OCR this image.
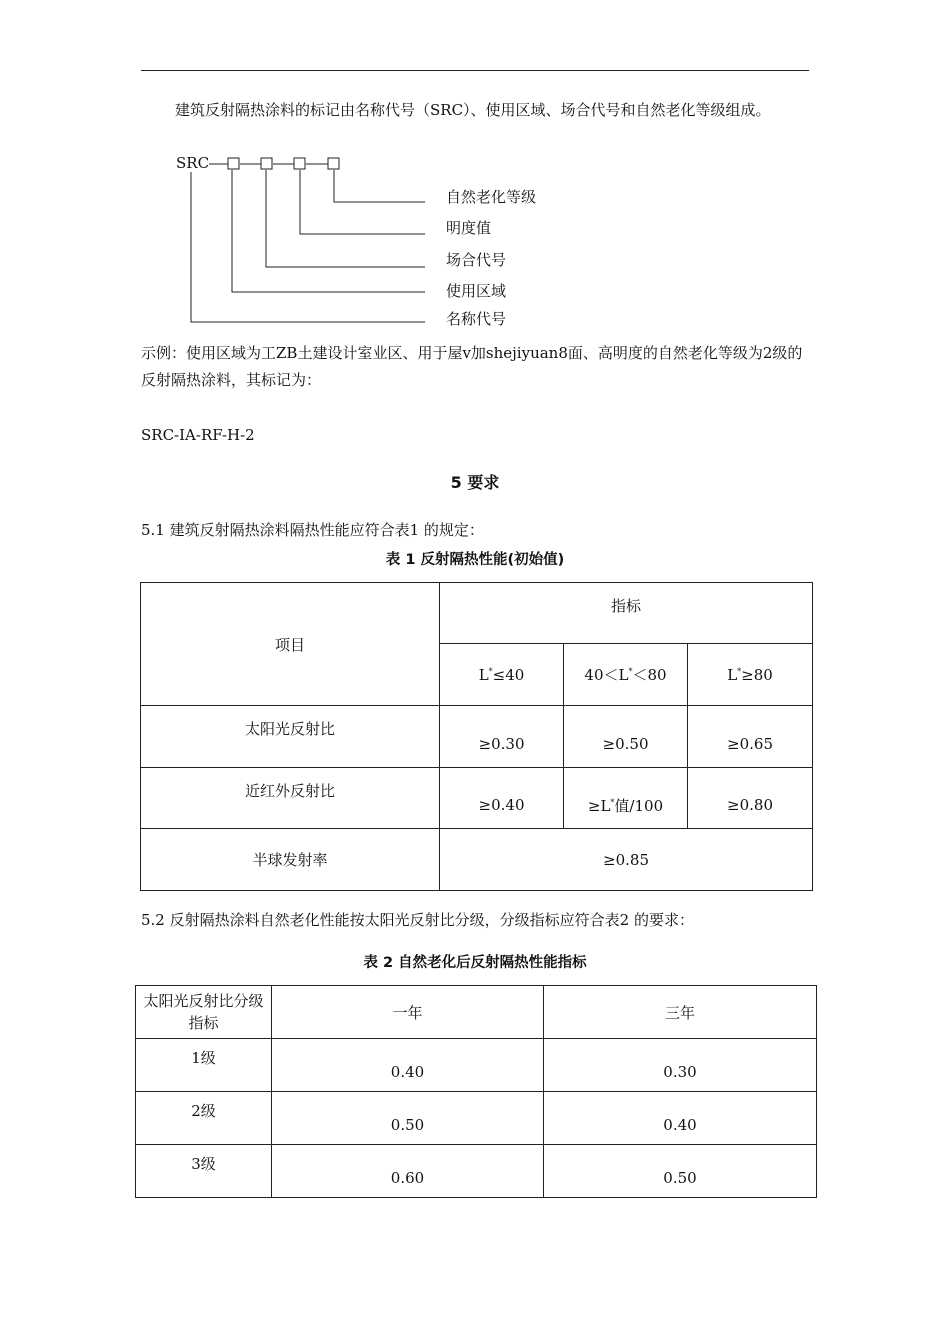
建筑反射隔热涂料的标记由名称代号（SRC）、使用区域、场合代号和自然老化等级组成。
SRC
自然老化等级
明度值
场合代号
使用区域
名称代号
示例：使用区域为工ZB土建设计室业区、用于屋v加shejiyuan8面、高明度的自然老化等级为2级的反射隔热涂料，其标记为：
SRC-IA-RF-H-2
5 要求
5.1 建筑反射隔热涂料隔热性能应符合表1 的规定：
表 1 反射隔热性能(初始值)
项目	指标		
	L*≤40	40＜L*＜80	L*≥80
太阳光反射比	≥0.30	≥0.50	≥0.65
近红外反射比	≥0.40	≥L*值/100	≥0.80
半球发射率	≥0.85		
5.2 反射隔热涂料自然老化性能按太阳光反射比分级，分级指标应符合表2 的要求：
表 2 自然老化后反射隔热性能指标
太阳光反射比分级指标	一年	三年
1级	0.40	0.30
2级	0.50	0.40
3级	0.60	0.50
